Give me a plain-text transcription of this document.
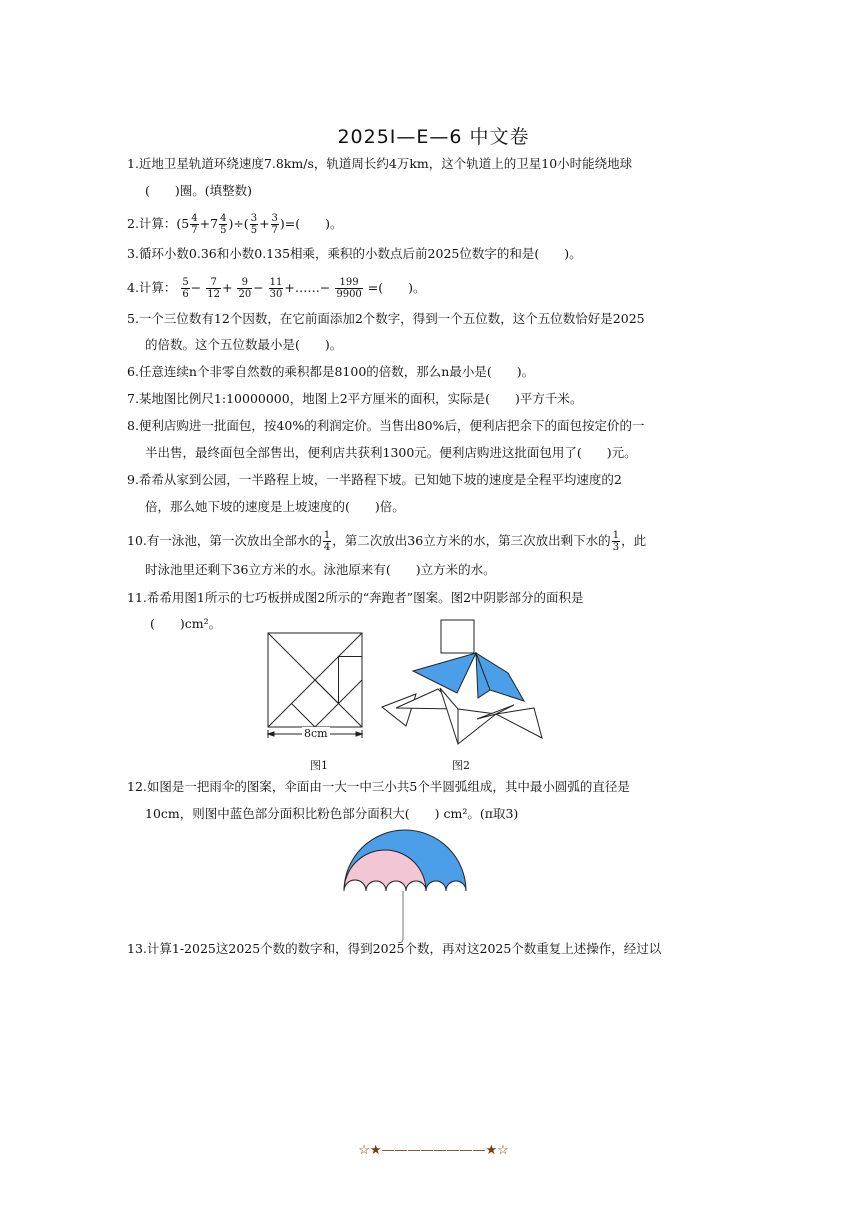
2025I—E—6 中文卷
1.近地卫星轨道环绕速度7.8km/s，轨道周长约4万km，这个轨道上的卫星10小时能绕地球
(　　)圈。(填整数)
2.计算：($5 \frac{4}{7} +7 \frac{4}{5}$ )÷( $\frac{3}{5} + \frac{3}{7}$ )=(　　)。
3.循环小数0.36和小数0.135相乘，乘积的小数点后前2025位数字的和是(　　)。
4.计算： $\frac{5}{6} - \frac{7}{12} + \frac{9}{20} - \frac{11}{30}$ +……− $\frac{199}{9900}$ =(　　)。
5.一个三位数有12个因数，在它前面添加2个数字，得到一个五位数，这个五位数恰好是2025
的倍数。这个五位数最小是(　　)。
6.任意连续n个非零自然数的乘积都是8100的倍数，那么n最小是(　　)。
7.某地图比例尺1:10000000，地图上2平方厘米的面积，实际是(　　)平方千米。
8.便利店购进一批面包，按40%的利润定价。当售出80%后，便利店把余下的面包按定价的一
半出售，最终面包全部售出，便利店共获利1300元。便利店购进这批面包用了(　　)元。
9.希希从家到公园，一半路程上坡，一半路程下坡。已知她下坡的速度是全程平均速度的2
倍，那么她下坡的速度是上坡速度的(　　)倍。
10.有一泳池，第一次放出全部水的 $\frac{1}{4}$ ，第二次放出36立方米的水，第三次放出剩下水的 $\frac{1}{3}$ ，此
时泳池里还剩下36立方米的水。泳池原来有(　　)立方米的水。
11.希希用图1所示的七巧板拼成图2所示的“奔跑者”图案。图2中阴影部分的面积是
(　　)cm²。
8cm
图1	图2
12.如图是一把雨伞的图案，伞面由一大一中三小共5个半圆弧组成，其中最小圆弧的直径是
10cm，则图中蓝色部分面积比粉色部分面积大(　　) cm²。(π取3)
13.计算1-2025这2025个数的数字和，得到2025个数，再对这2025个数重复上述操作，经过以
☆★————————★☆
